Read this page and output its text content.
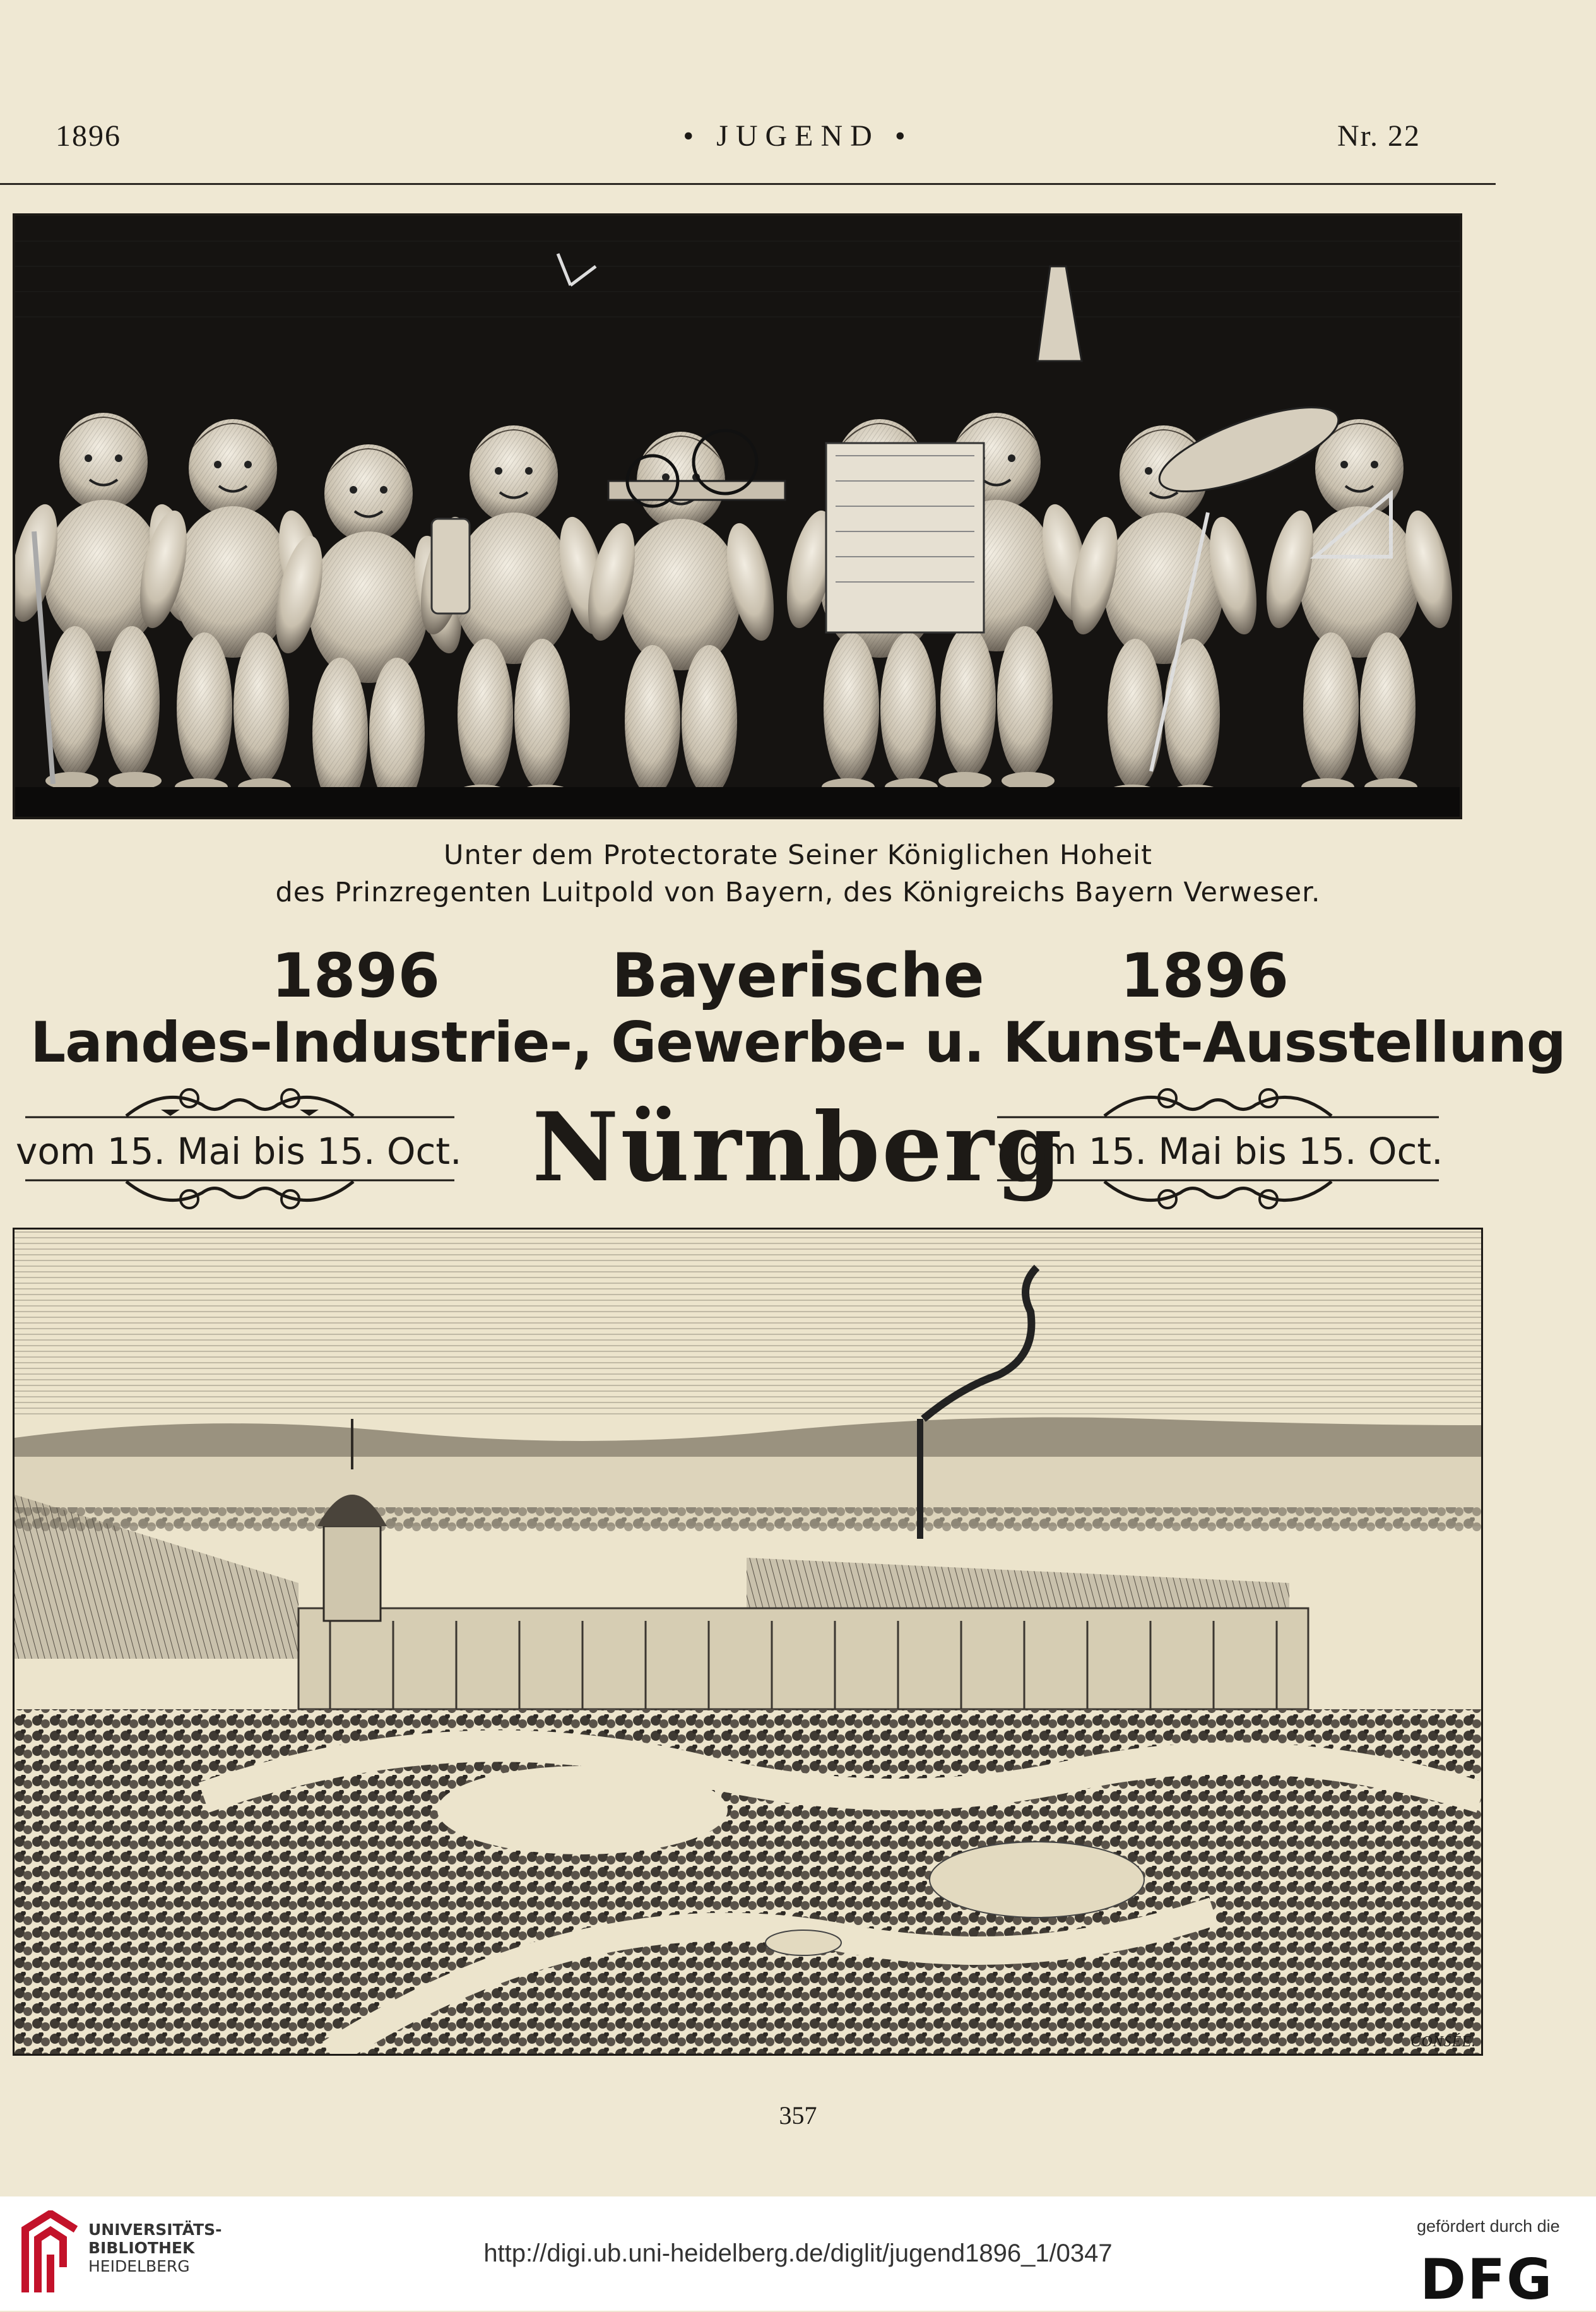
1896	• JUGEND •	Nr. 22
Unter dem Protectorate Seiner Königlichen Hoheit
des Prinzregenten Luitpold von Bayern, des Königreichs Bayern Verweser.
1896	Bayerische	1896
Landes-Industrie-, Gewerbe- u. Kunst-Ausstellung
vom 15. Mai bis 15. Oct. Nürnberg
vom 15. Mai bis 15. Oct.
CONSÉE.
357
UNIVERSITÄTS-
BIBLIOTHEK
HEIDELBERG	http://digi.ub.uni-heidelberg.de/diglit/jugend1896_1/0347
gefördert durch die
DFG
